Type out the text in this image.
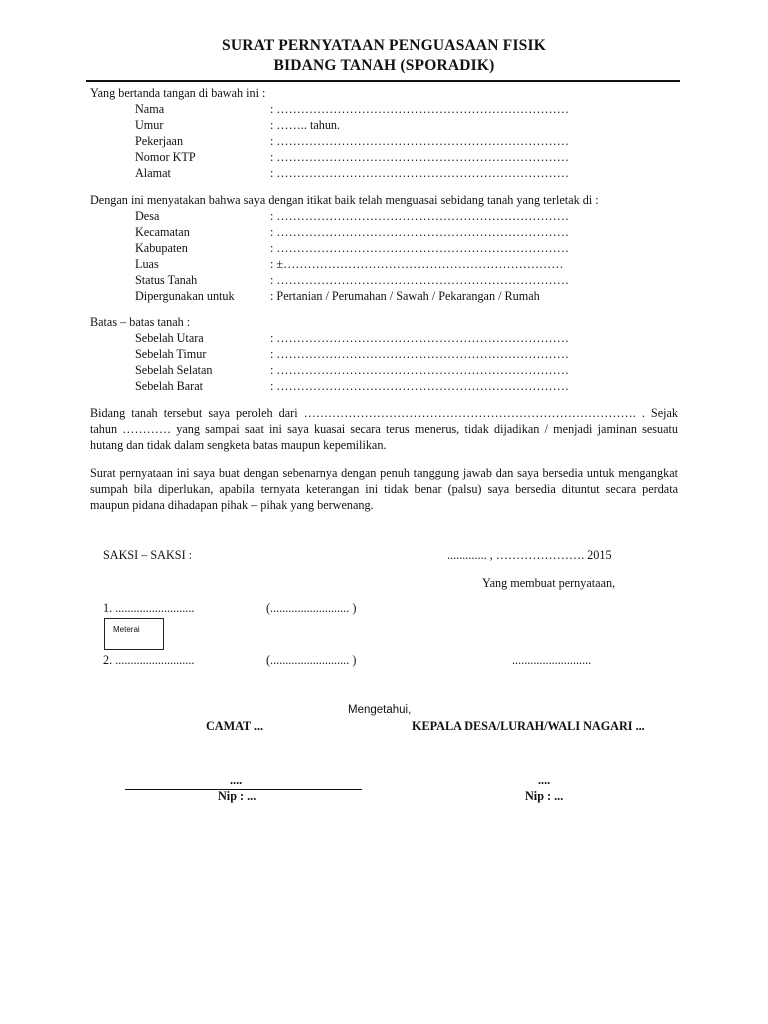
SURAT PERNYATAAN PENGUASAAN FISIK
BIDANG TANAH (SPORADIK)
Yang bertanda tangan di bawah ini :
Nama	: ………………………………………………………………
Umur	: …….. tahun.
Pekerjaan	: ………………………………………………………………
Nomor KTP	: ………………………………………………………………
Alamat	: ………………………………………………………………
Dengan ini menyatakan bahwa saya dengan itikat baik telah menguasai sebidang tanah yang terletak di :
Desa	: ………………………………………………………………
Kecamatan	: ………………………………………………………………
Kabupaten	: ………………………………………………………………
Luas	: ±……………………………………………………………
Status Tanah	: ………………………………………………………………
Dipergunakan untuk	: Pertanian / Perumahan / Sawah / Pekarangan / Rumah
Batas – batas tanah :
Sebelah Utara	: ………………………………………………………………
Sebelah Timur	: ………………………………………………………………
Sebelah Selatan	: ………………………………………………………………
Sebelah Barat	: ………………………………………………………………
Bidang tanah tersebut saya peroleh dari ………………………………………………………………………. . Sejak tahun ………… yang sampai saat ini saya kuasai secara terus menerus, tidak dijadikan / menjadi jaminan sesuatu hutang dan tidak dalam sengketa batas maupun kepemilikan.
Surat pernyataan ini saya buat dengan sebenarnya dengan penuh tanggung jawab dan saya bersedia untuk mengangkat sumpah bila diperlukan, apabila ternyata keterangan ini tidak benar (palsu) saya bersedia dituntut secara perdata maupun pidana dihadapan pihak – pihak yang berwenang.
SAKSI – SAKSI :	............. , …………………. 2015
Yang membuat pernyataan,
1. ..........................	(.......................... )
Meterai
2. ..........................	(.......................... )	..........................
Mengetahui,
CAMAT ...	KEPALA DESA/LURAH/WALI NAGARI ...
....
Nip : ...
....
Nip : ...
